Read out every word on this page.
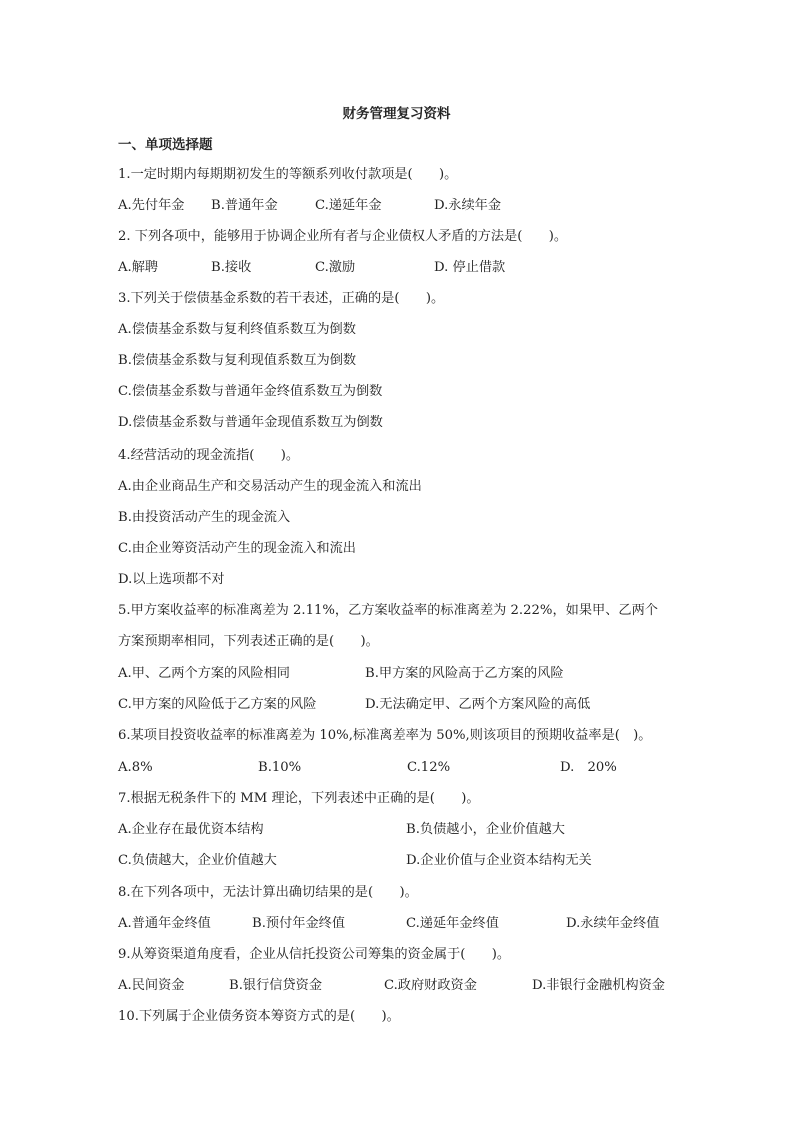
财务管理复习资料
一、单项选择题
1.一定时期内每期期初发生的等额系列收付款项是(　　)。
A.先付年金 B.普通年金	C.递延年金	D.永续年金
2. 下列各项中，能够用于协调企业所有者与企业债权人矛盾的方法是(　　)。
A.解聘	B.接收	C.激励	D. 停止借款
3.下列关于偿债基金系数的若干表述，正确的是(　　)。
A.偿债基金系数与复利终值系数互为倒数
B.偿债基金系数与复利现值系数互为倒数
C.偿债基金系数与普通年金终值系数互为倒数
D.偿债基金系数与普通年金现值系数互为倒数
4.经营活动的现金流指(　　)。
A.由企业商品生产和交易活动产生的现金流入和流出
B.由投资活动产生的现金流入
C.由企业筹资活动产生的现金流入和流出
D.以上选项都不对
5.甲方案收益率的标准离差为 2.11%，乙方案收益率的标准离差为 2.22%，如果甲、乙两个
方案预期率相同，下列表述正确的是(　　)。
A.甲、乙两个方案的风险相同	B.甲方案的风险高于乙方案的风险
C.甲方案的风险低于乙方案的风险	D.无法确定甲、乙两个方案风险的高低
6.某项目投资收益率的标准离差为 10%,标准离差率为 50%,则该项目的预期收益率是(　)。
A.8%	B.10%	C.12%	D.　20%
7.根据无税条件下的 MM 理论，下列表述中正确的是(　　)。
A.企业存在最优资本结构	B.负债越小，企业价值越大
C.负债越大，企业价值越大	D.企业价值与企业资本结构无关
8.在下列各项中，无法计算出确切结果的是(　　)。
A.普通年金终值	B.预付年金终值	C.递延年金终值	D.永续年金终值
9.从筹资渠道角度看，企业从信托投资公司筹集的资金属于(　　)。
A.民间资金	B.银行信贷资金	C.政府财政资金	D.非银行金融机构资金
10.下列属于企业债务资本筹资方式的是(　　)。
